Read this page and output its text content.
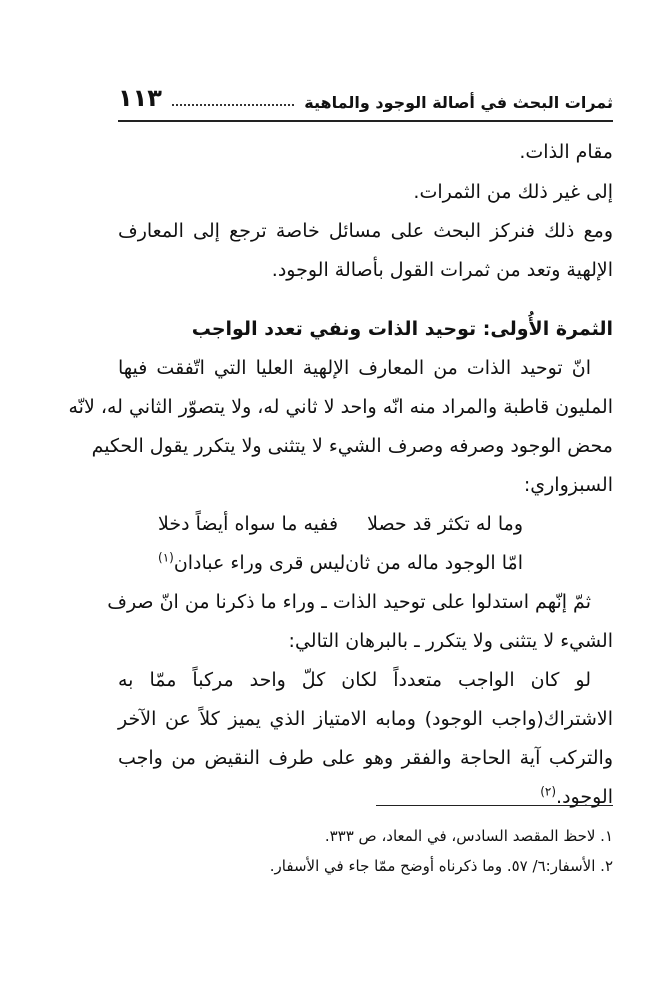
ثمرات البحث في أصالة الوجود والماهية
١١٣
مقام الذات.
إلى غير ذلك من الثمرات.
ومع ذلك فنركز البحث على مسائل خاصة ترجع إلى المعارف
الإلهية وتعد من ثمرات القول بأصالة الوجود.
الثمرة الأُولى: توحيد الذات ونفي تعدد الواجب
انّ توحيد الذات من المعارف الإلهية العليا التي اتّفقت فيها
المليون قاطبة والمراد منه انّه واحد لا ثاني له، ولا يتصوّر الثاني له، لانّه
محض الوجود وصرفه وصرف الشيء لا يتثنى ولا يتكرر يقول الحكيم
السبزواري:
وما له تكثر قد حصلا
ففيه ما سواه أيضاً دخلا
امّا الوجود ماله من ثان
ليس قرى وراء عبادان$^{(١)}$
ثمّ إنّهم استدلوا على توحيد الذات ـ وراء ما ذكرنا من انّ صرف
الشيء لا يتثنى ولا يتكرر ـ بالبرهان التالي:
لو كان الواجب متعدداً لكان كلّ واحد مركباً ممّا به
الاشتراك(واجب الوجود) ومابه الامتياز الذي يميز كلاً عن الآخر
والتركب آية الحاجة والفقر وهو على طرف النقيض من واجب
الوجود.$^{(٢)}$
١. لاحظ المقصد السادس، في المعاد، ص ٣٣٣.
٢. الأسفار:٦/ ٥٧. وما ذكرناه أوضح ممّا جاء في الأسفار.
